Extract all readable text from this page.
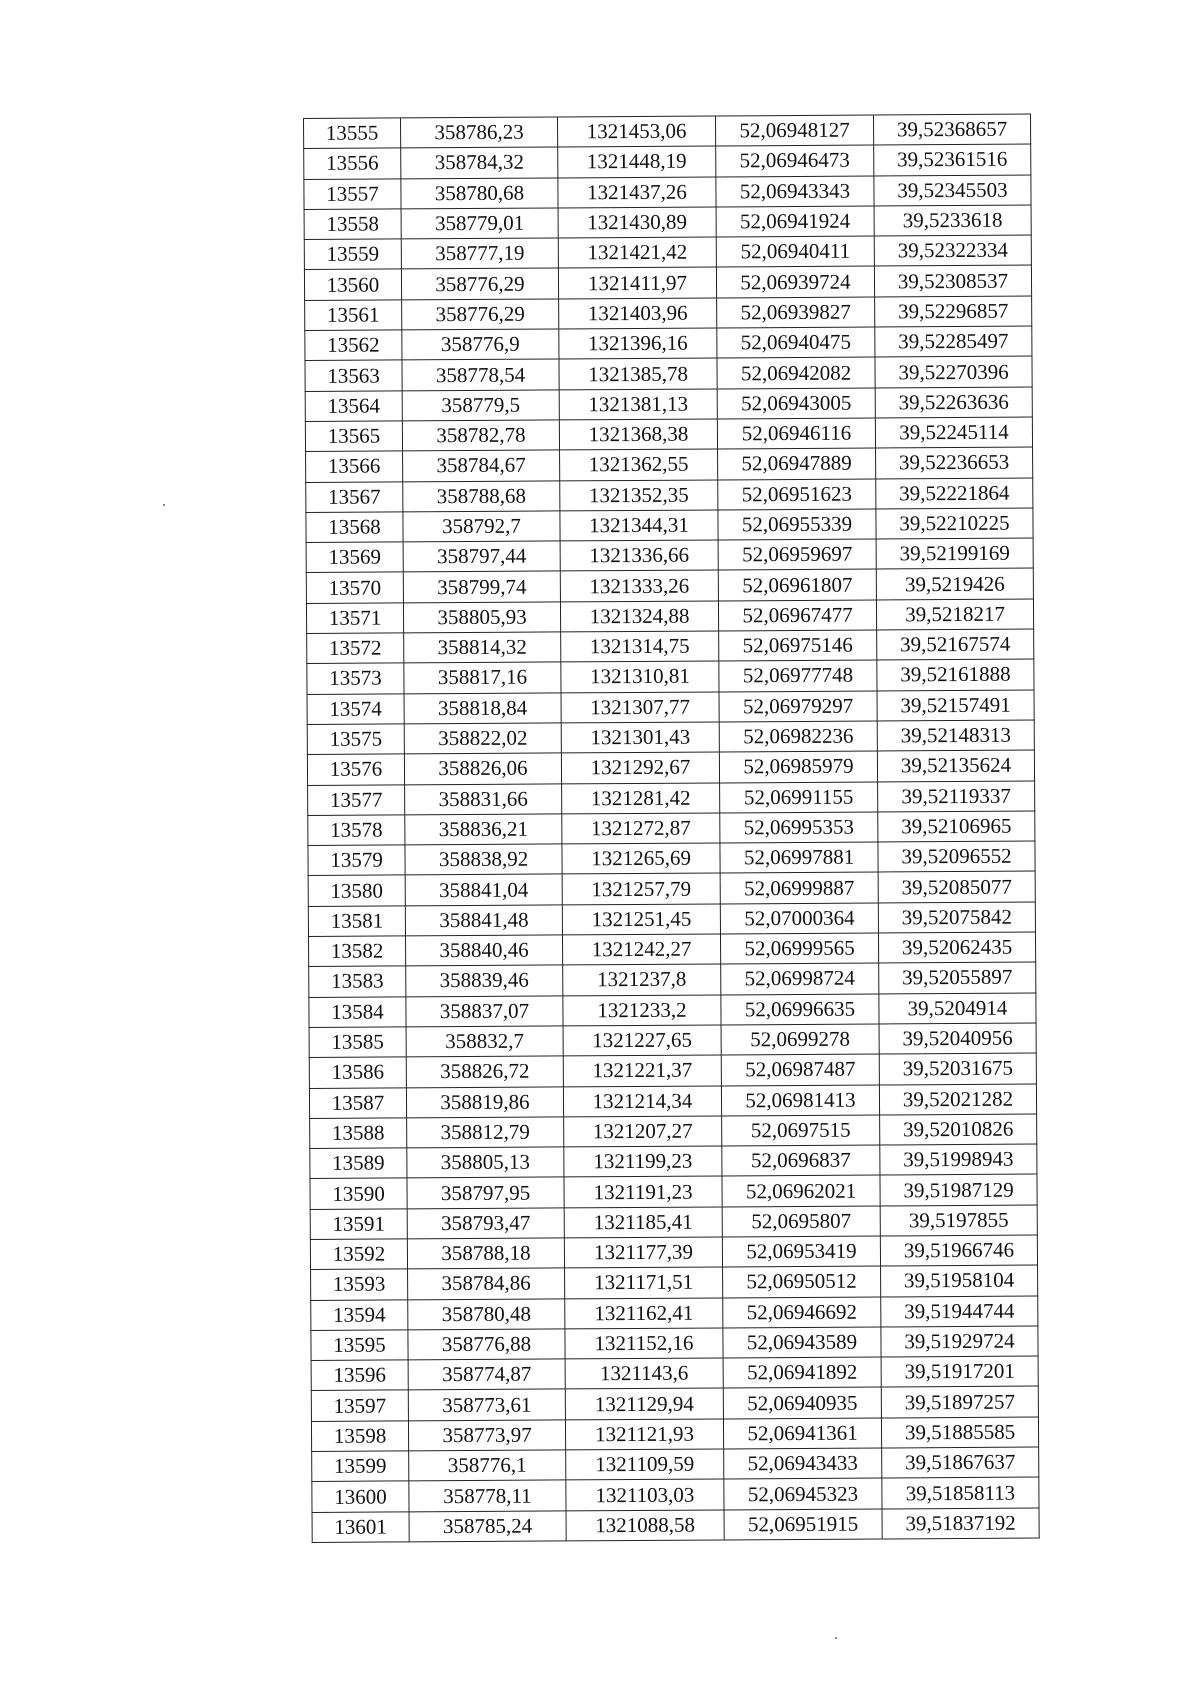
13555	358786,23	1321453,06	52,06948127	39,52368657
13556	358784,32	1321448,19	52,06946473	39,52361516
13557	358780,68	1321437,26	52,06943343	39,52345503
13558	358779,01	1321430,89	52,06941924	39,5233618
13559	358777,19	1321421,42	52,06940411	39,52322334
13560	358776,29	1321411,97	52,06939724	39,52308537
13561	358776,29	1321403,96	52,06939827	39,52296857
13562	358776,9	1321396,16	52,06940475	39,52285497
13563	358778,54	1321385,78	52,06942082	39,52270396
13564	358779,5	1321381,13	52,06943005	39,52263636
13565	358782,78	1321368,38	52,06946116	39,52245114
13566	358784,67	1321362,55	52,06947889	39,52236653
13567	358788,68	1321352,35	52,06951623	39,52221864
13568	358792,7	1321344,31	52,06955339	39,52210225
13569	358797,44	1321336,66	52,06959697	39,52199169
13570	358799,74	1321333,26	52,06961807	39,5219426
13571	358805,93	1321324,88	52,06967477	39,5218217
13572	358814,32	1321314,75	52,06975146	39,52167574
13573	358817,16	1321310,81	52,06977748	39,52161888
13574	358818,84	1321307,77	52,06979297	39,52157491
13575	358822,02	1321301,43	52,06982236	39,52148313
13576	358826,06	1321292,67	52,06985979	39,52135624
13577	358831,66	1321281,42	52,06991155	39,52119337
13578	358836,21	1321272,87	52,06995353	39,52106965
13579	358838,92	1321265,69	52,06997881	39,52096552
13580	358841,04	1321257,79	52,06999887	39,52085077
13581	358841,48	1321251,45	52,07000364	39,52075842
13582	358840,46	1321242,27	52,06999565	39,52062435
13583	358839,46	1321237,8	52,06998724	39,52055897
13584	358837,07	1321233,2	52,06996635	39,5204914
13585	358832,7	1321227,65	52,0699278	39,52040956
13586	358826,72	1321221,37	52,06987487	39,52031675
13587	358819,86	1321214,34	52,06981413	39,52021282
13588	358812,79	1321207,27	52,0697515	39,52010826
13589	358805,13	1321199,23	52,0696837	39,51998943
13590	358797,95	1321191,23	52,06962021	39,51987129
13591	358793,47	1321185,41	52,0695807	39,5197855
13592	358788,18	1321177,39	52,06953419	39,51966746
13593	358784,86	1321171,51	52,06950512	39,51958104
13594	358780,48	1321162,41	52,06946692	39,51944744
13595	358776,88	1321152,16	52,06943589	39,51929724
13596	358774,87	1321143,6	52,06941892	39,51917201
13597	358773,61	1321129,94	52,06940935	39,51897257
13598	358773,97	1321121,93	52,06941361	39,51885585
13599	358776,1	1321109,59	52,06943433	39,51867637
13600	358778,11	1321103,03	52,06945323	39,51858113
13601	358785,24	1321088,58	52,06951915	39,51837192
